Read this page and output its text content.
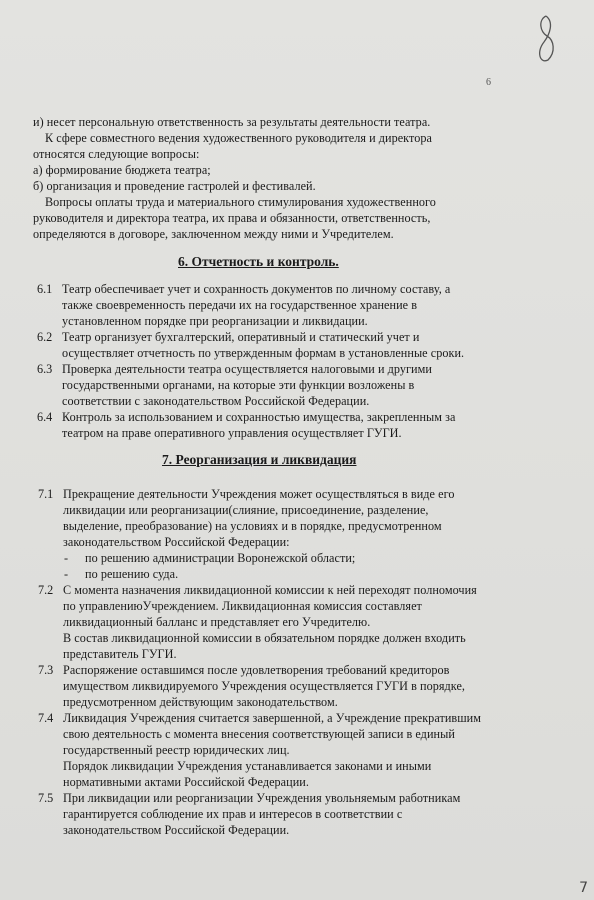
6
и) несет персональную ответственность за результаты деятельности театра.
К сфере совместного ведения художественного руководителя и директора
относятся следующие вопросы:
а) формирование бюджета театра;
б) организация и проведение гастролей и фестивалей.
Вопросы оплаты труда и материального стимулирования художественного
руководителя и директора театра, их права и обязанности, ответственность,
определяются в договоре, заключенном между ними и Учредителем.
6. Отчетность и контроль.
6.1 Театр обеспечивает учет и сохранность документов по личному составу, а
также своевременность передачи их на государственное хранение в
установленном порядке при реорганизации и ликвидации.
6.2 Театр организует бухгалтерский, оперативный и статический учет и
осуществляет отчетность по утвержденным формам в установленные сроки.
6.3 Проверка деятельности театра осуществляется налоговыми и другими
государственными органами, на которые эти функции возложены в
соответствии с законодательством Российской Федерации.
6.4 Контроль за использованием и сохранностью имущества, закрепленным за
театром на праве оперативного управления осуществляет ГУГИ.
7. Реорганизация и ликвидация
7.1 Прекращение деятельности Учреждения может осуществляться в виде его
ликвидации или реорганизации(слияние, присоединение, разделение,
выделение, преобразование) на условиях и в порядке, предусмотренном
законодательством Российской Федерации:
- по решению администрации Воронежской области;
- по решению суда.
7.2 С момента назначения ликвидационной комиссии к ней переходят полномочия
по управлениюУчреждением. Ликвидационная комиссия составляет
ликвидационный балланс и представляет его Учредителю.
В состав ликвидационной комиссии в обязательном порядке должен входить
представитель ГУГИ.
7.3 Распоряжение оставшимся после удовлетворения требований кредиторов
имуществом ликвидируемого Учреждения осуществляется ГУГИ в порядке,
предусмотренном действующим законодательством.
7.4 Ликвидация Учреждения считается завершенной, а Учреждение прекратившим
свою деятельность с момента внесения соответствующей записи в единый
государственный реестр юридических лиц.
Порядок ликвидации Учреждения устанавливается законами и иными
нормативными актами Российской Федерации.
7.5 При ликвидации или реорганизации Учреждения увольняемым работникам
гарантируется соблюдение их прав и интересов в соответствии с
законодательством Российской Федерации.
7
